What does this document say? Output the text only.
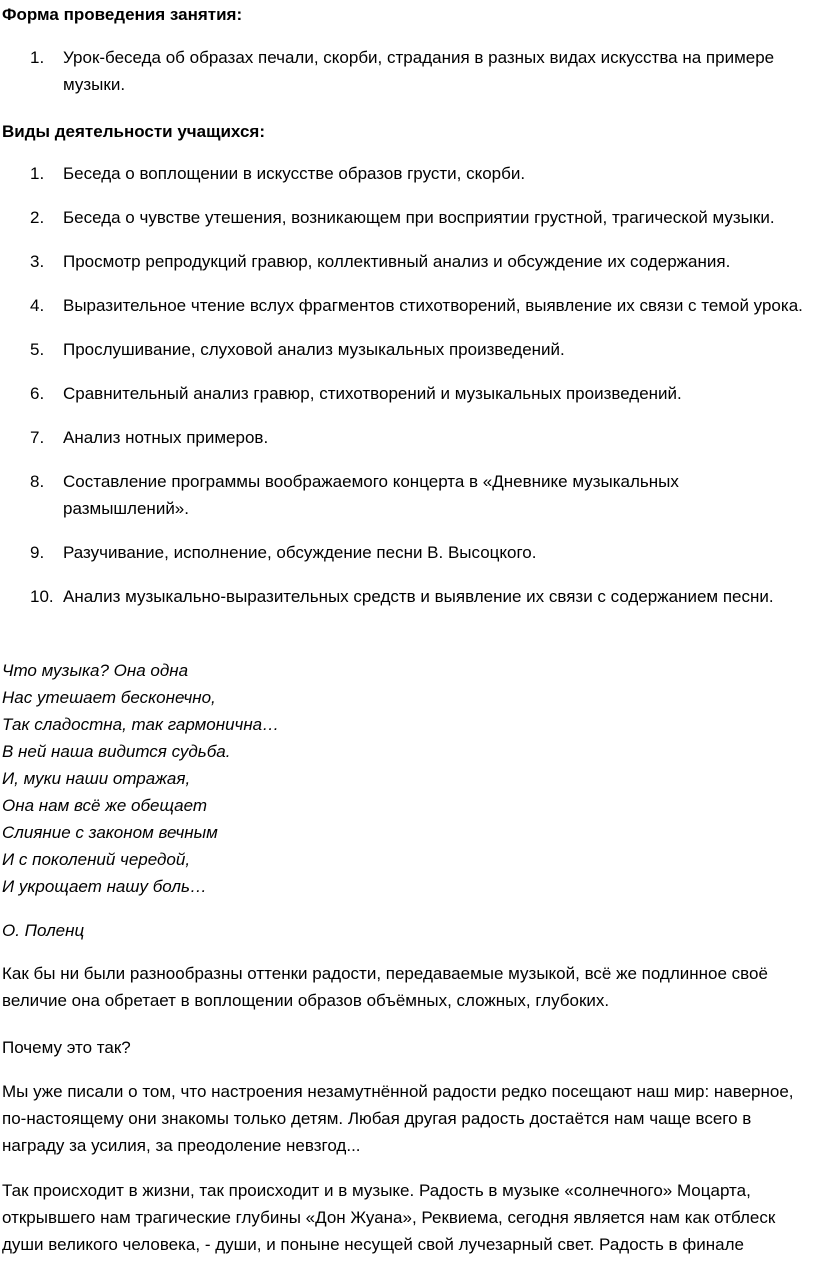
Форма проведения занятия:

1.	Урок-беседа об образах печали, скорби, страдания в разных видах искусства на примере музыки.

Виды деятельности учащихся:

1.	Беседа о воплощении в искусстве образов грусти, скорби.
2.	Беседа о чувстве утешения, возникающем при восприятии грустной, трагической музыки.
3.	Просмотр репродукций гравюр, коллективный анализ и обсуждение их содержания.
4.	Выразительное чтение вслух фрагментов стихотворений, выявление их связи с темой урока.
5.	Прослушивание, слуховой анализ музыкальных произведений.
6.	Сравнительный анализ гравюр, стихотворений и музыкальных произведений.
7.	Анализ нотных примеров.
8.	Составление программы воображаемого концерта в «Дневнике музыкальных размышлений».
9.	Разучивание, исполнение, обсуждение песни В. Высоцкого.
10. Анализ музыкально-выразительных средств и выявление их связи с содержанием песни.
Что музыка? Она одна
Нас утешает бесконечно,
Так сладостна, так гармонична…
В ней наша видится судьба.
И, муки наши отражая,
Она нам всё же обещает
Слияние с законом вечным
И с поколений чередой,
И укрощает нашу боль…
О. Поленц

Как бы ни были разнообразны оттенки радости, передаваемые музыкой, всё же подлинное своё величие она обретает в воплощении образов объёмных, сложных, глубоких.

Почему это так?

Мы уже писали о том, что настроения незамутнённой радости редко посещают наш мир: наверное, по-настоящему они знакомы только детям. Любая другая радость достаётся нам чаще всего в награду за усилия, за преодоление невзгод...

Так происходит в жизни, так происходит и в музыке. Радость в музыке «солнечного» Моцарта, открывшего нам трагические глубины «Дон Жуана», Реквиема, сегодня является нам как отблеск души великого человека, - души, и поныне несущей свой лучезарный свет. Радость в финале
